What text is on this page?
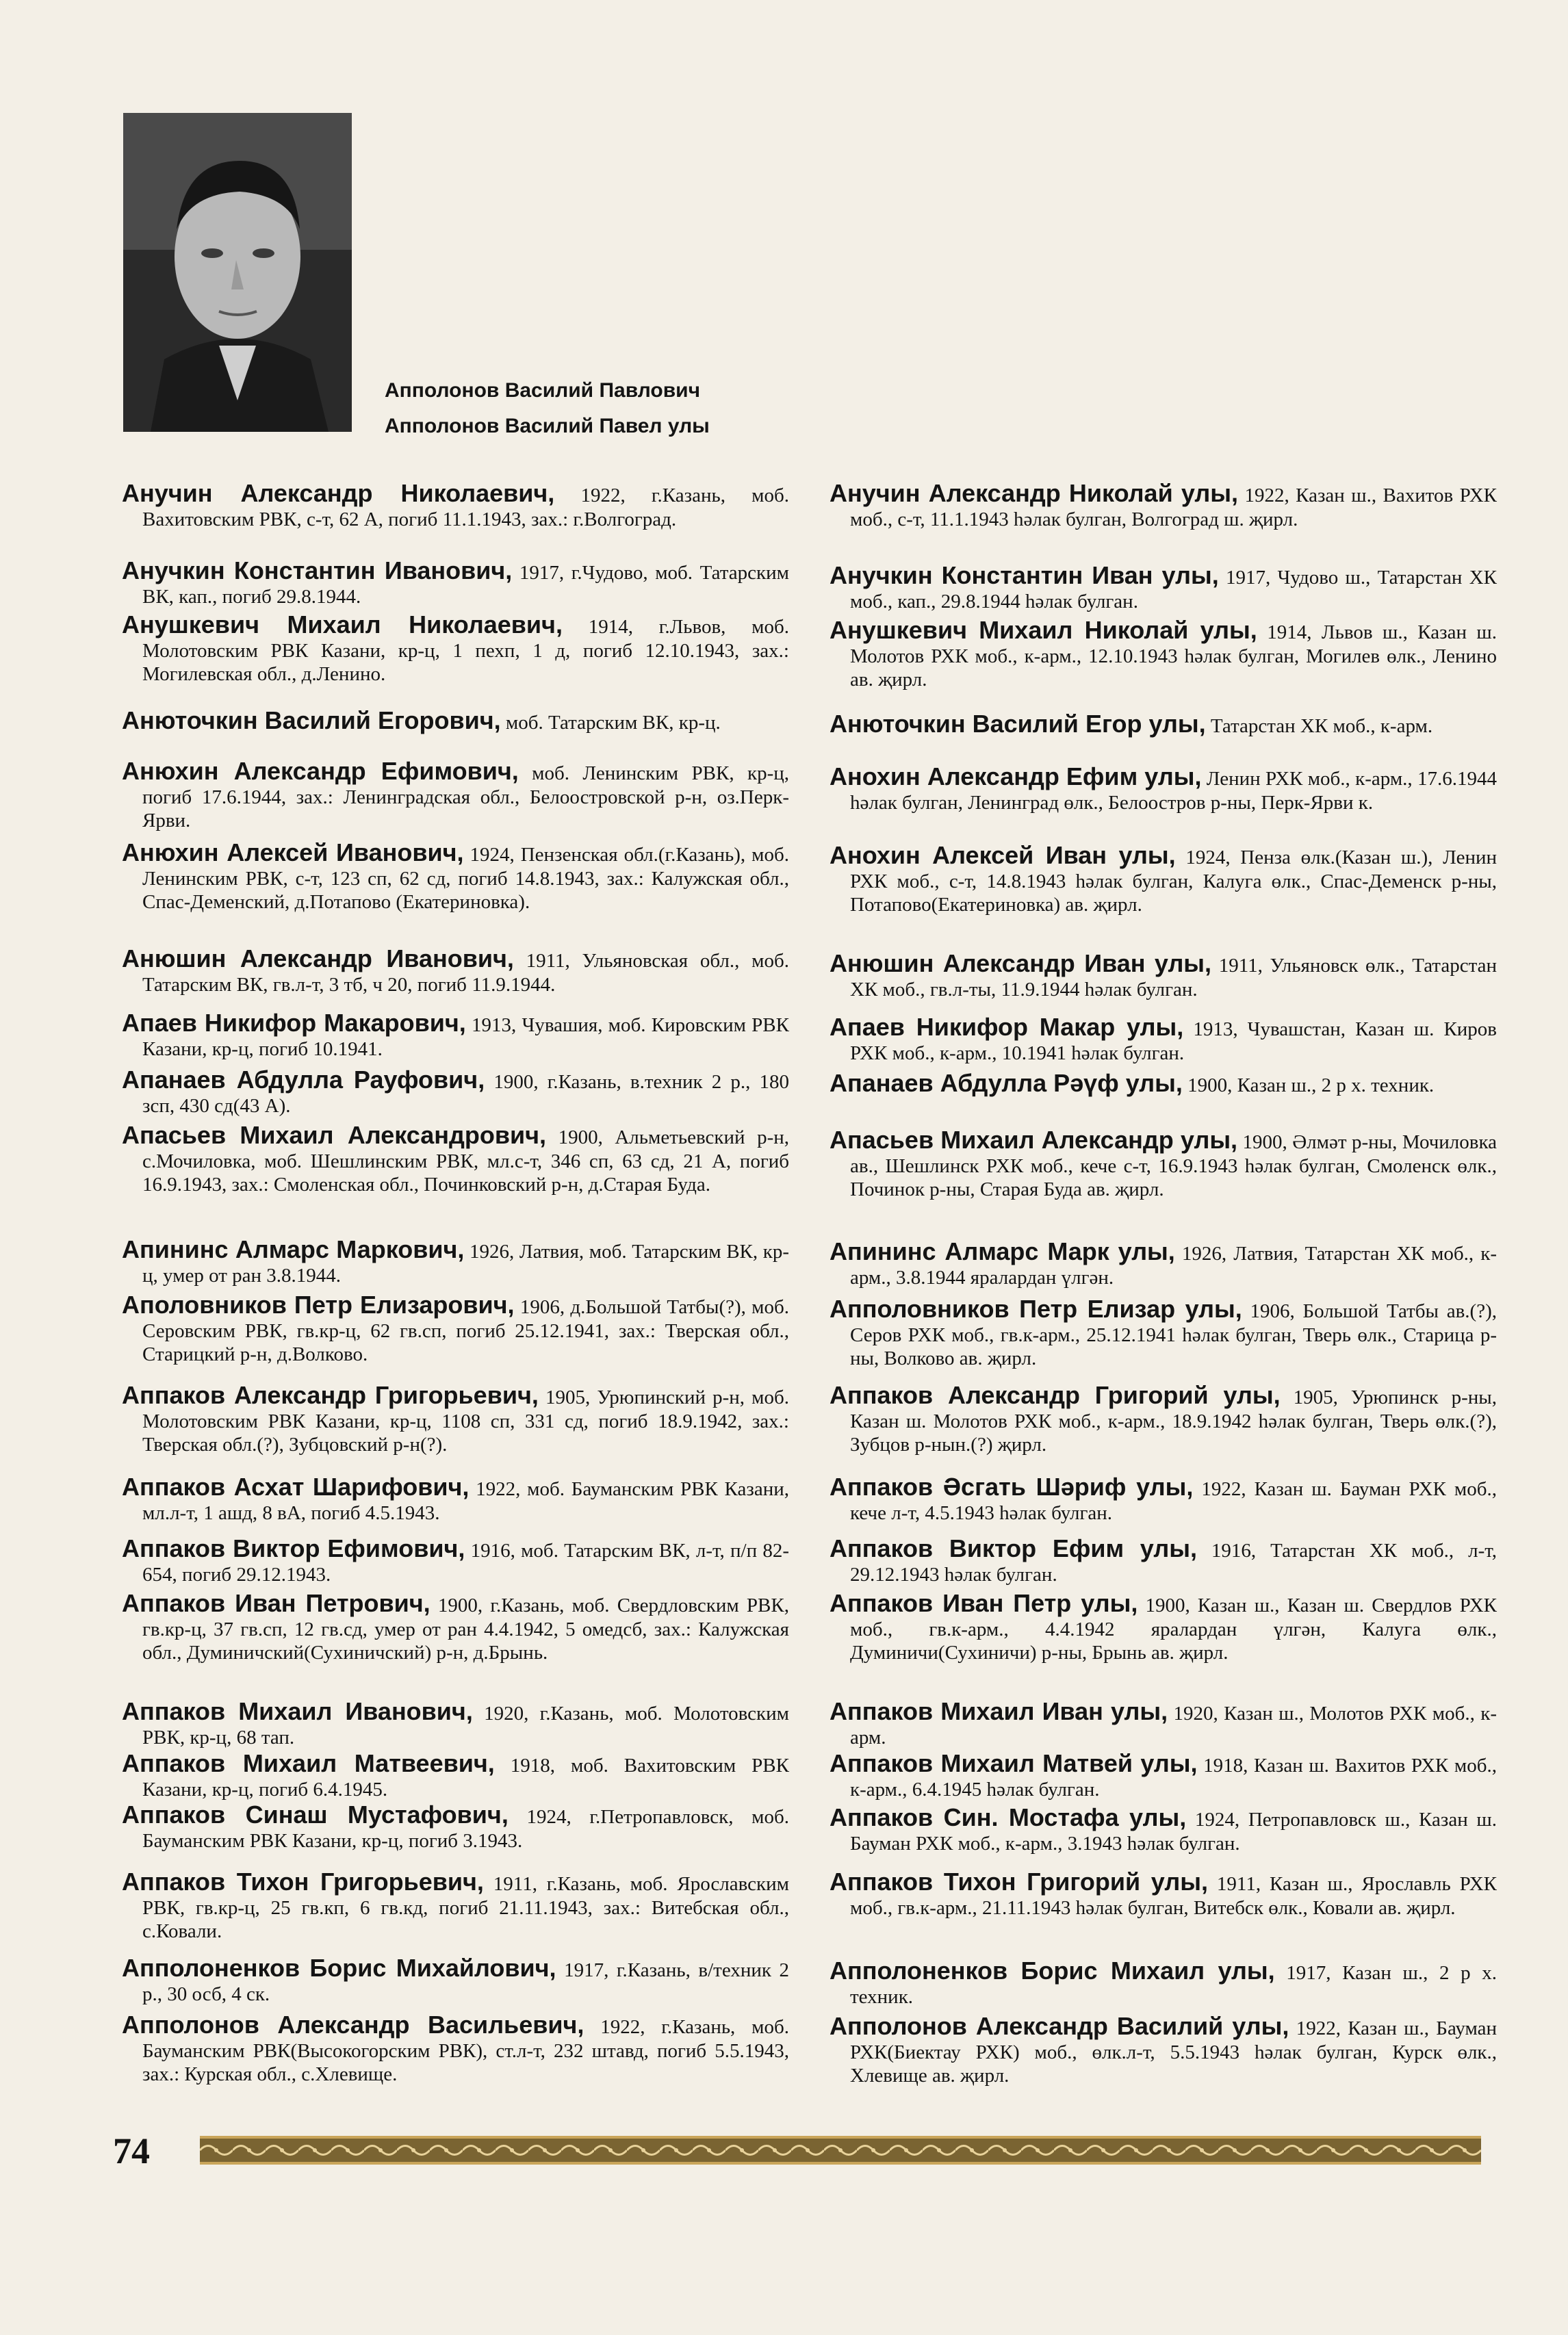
Апполонов Василий Павлович
Апполонов Василий Павел улы

Анучин Александр Николаевич, 1922, г.Казань, моб. Вахитовским РВК, с-т, 62 А, погиб 11.1.1943, зах.: г.Волгоград.

Анучкин Константин Иванович, 1917, г.Чудово, моб. Татарским ВК, кап., погиб 29.8.1944.

Анушкевич Михаил Николаевич, 1914, г.Львов, моб. Молотовским РВК Казани, кр-ц, 1 пехп, 1 д, погиб 12.10.1943, зах.: Могилевская обл., д.Ленино.

Анюточкин Василий Егорович, моб. Татарским ВК, кр-ц.

Анюхин Александр Ефимович, моб. Ленинским РВК, кр-ц, погиб 17.6.1944, зах.: Ленинградская обл., Белоостровской р-н, оз.Перк-Ярви.

Анюхин Алексей Иванович, 1924, Пензенская обл.(г.Казань), моб. Ленинским РВК, с-т, 123 сп, 62 сд, погиб 14.8.1943, зах.: Калужская обл., Спас-Деменский, д.Потапово (Екатериновка).

Анюшин Александр Иванович, 1911, Ульяновская обл., моб. Татарским ВК, гв.л-т, 3 тб, ч 20, погиб 11.9.1944.

Апаев Никифор Макарович, 1913, Чувашия, моб. Кировским РВК Казани, кр-ц, погиб 10.1941.

Апанаев Абдулла Рауфович, 1900, г.Казань, в.техник 2 р., 180 зсп, 430 сд(43 А).

Апасьев Михаил Александрович, 1900, Альметьевский р-н, с.Мочиловка, моб. Шешлинским РВК, мл.с-т, 346 сп, 63 сд, 21 А, погиб 16.9.1943, зах.: Смоленская обл., Починковский р-н, д.Старая Буда.

Апининс Алмарс Маркович, 1926, Латвия, моб. Татарским ВК, кр-ц, умер от ран 3.8.1944.

Аполовников Петр Елизарович, 1906, д.Большой Татбы(?), моб. Серовским РВК, гв.кр-ц, 62 гв.сп, погиб 25.12.1941, зах.: Тверская обл., Старицкий р-н, д.Волково.

Аппаков Александр Григорьевич, 1905, Урюпинский р-н, моб. Молотовским РВК Казани, кр-ц, 1108 сп, 331 сд, погиб 18.9.1942, зах.: Тверская обл.(?), Зубцовский р-н(?).

Аппаков Асхат Шарифович, 1922, моб. Бауманским РВК Казани, мл.л-т, 1 ашд, 8 вА, погиб 4.5.1943.

Аппаков Виктор Ефимович, 1916, моб. Татарским ВК, л-т, п/п 82-654, погиб 29.12.1943.

Аппаков Иван Петрович, 1900, г.Казань, моб. Свердловским РВК, гв.кр-ц, 37 гв.сп, 12 гв.сд, умер от ран 4.4.1942, 5 омедсб, зах.: Калужская обл., Думиничский(Сухиничский) р-н, д.Брынь.

Аппаков Михаил Иванович, 1920, г.Казань, моб. Молотовским РВК, кр-ц, 68 тап.

Аппаков Михаил Матвеевич, 1918, моб. Вахитовским РВК Казани, кр-ц, погиб 6.4.1945.

Аппаков Синаш Мустафович, 1924, г.Петропавловск, моб. Бауманским РВК Казани, кр-ц, погиб 3.1943.

Аппаков Тихон Григорьевич, 1911, г.Казань, моб. Ярославским РВК, гв.кр-ц, 25 гв.кп, 6 гв.кд, погиб 21.11.1943, зах.: Витебская обл., с.Ковали.

Апполоненков Борис Михайлович, 1917, г.Казань, в/техник 2 р., 30 осб, 4 ск.

Апполонов Александр Васильевич, 1922, г.Казань, моб. Бауманским РВК(Высокогорским РВК), ст.л-т, 232 штавд, погиб 5.5.1943, зах.: Курская обл., с.Хлевище.

Анучин Александр Николай улы, 1922, Казан ш., Вахитов РХК моб., с-т, 11.1.1943 һәлак булган, Волгоград ш. җирл.

Анучкин Константин Иван улы, 1917, Чудово ш., Татарстан ХК моб., кап., 29.8.1944 һәлак булган.

Анушкевич Михаил Николай улы, 1914, Львов ш., Казан ш. Молотов РХК моб., к-арм., 12.10.1943 һәлак булган, Могилев өлк., Ленино ав. җирл.

Анюточкин Василий Егор улы, Татарстан ХК моб., к-арм.

Анохин Александр Ефим улы, Ленин РХК моб., к-арм., 17.6.1944 һәлак булган, Ленинград өлк., Белоостров р-ны, Перк-Ярви к.

Анохин Алексей Иван улы, 1924, Пенза өлк.(Казан ш.), Ленин РХК моб., с-т, 14.8.1943 һәлак булган, Калуга өлк., Спас-Деменск р-ны, Потапово(Екатериновка) ав. җирл.

Анюшин Александр Иван улы, 1911, Ульяновск өлк., Татарстан ХК моб., гв.л-ты, 11.9.1944 һәлак булган.

Апаев Никифор Макар улы, 1913, Чувашстан, Казан ш. Киров РХК моб., к-арм., 10.1941 һәлак булган.

Апанаев Абдулла Рәүф улы, 1900, Казан ш., 2 р х. техник.

Апасьев Михаил Александр улы, 1900, Әлмәт р-ны, Мочиловка ав., Шешлинск РХК моб., кече с-т, 16.9.1943 һәлак булган, Смоленск өлк., Починок р-ны, Старая Буда ав. җирл.

Апининс Алмарс Марк улы, 1926, Латвия, Татарстан ХК моб., к-арм., 3.8.1944 яралардан үлгән.

Апполовников Петр Елизар улы, 1906, Большой Татбы ав.(?), Серов РХК моб., гв.к-арм., 25.12.1941 һәлак булган, Тверь өлк., Старица р-ны, Волково ав. җирл.

Аппаков Александр Григорий улы, 1905, Урюпинск р-ны, Казан ш. Молотов РХК моб., к-арм., 18.9.1942 һәлак булган, Тверь өлк.(?), Зубцов р-нын.(?) җирл.

Аппаков Әсгать Шәриф улы, 1922, Казан ш. Бауман РХК моб., кече л-т, 4.5.1943 һәлак булган.

Аппаков Виктор Ефим улы, 1916, Татарстан ХК моб., л-т, 29.12.1943 һәлак булган.

Аппаков Иван Петр улы, 1900, Казан ш., Казан ш. Свердлов РХК моб., гв.к-арм., 4.4.1942 яралардан үлгән, Калуга өлк., Думиничи(Сухиничи) р-ны, Брынь ав. җирл.

Аппаков Михаил Иван улы, 1920, Казан ш., Молотов РХК моб., к-арм.

Аппаков Михаил Матвей улы, 1918, Казан ш. Вахитов РХК моб., к-арм., 6.4.1945 һәлак булган.

Аппаков Син. Мостафа улы, 1924, Петропавловск ш., Казан ш. Бауман РХК моб., к-арм., 3.1943 һәлак булган.

Аппаков Тихон Григорий улы, 1911, Казан ш., Ярославль РХК моб., гв.к-арм., 21.11.1943 һәлак булган, Витебск өлк., Ковали ав. җирл.

Апполоненков Борис Михаил улы, 1917, Казан ш., 2 р х. техник.

Апполонов Александр Василий улы, 1922, Казан ш., Бауман РХК(Биектау РХК) моб., өлк.л-т, 5.5.1943 һәлак булган, Курск өлк., Хлевище ав. җирл.

74
